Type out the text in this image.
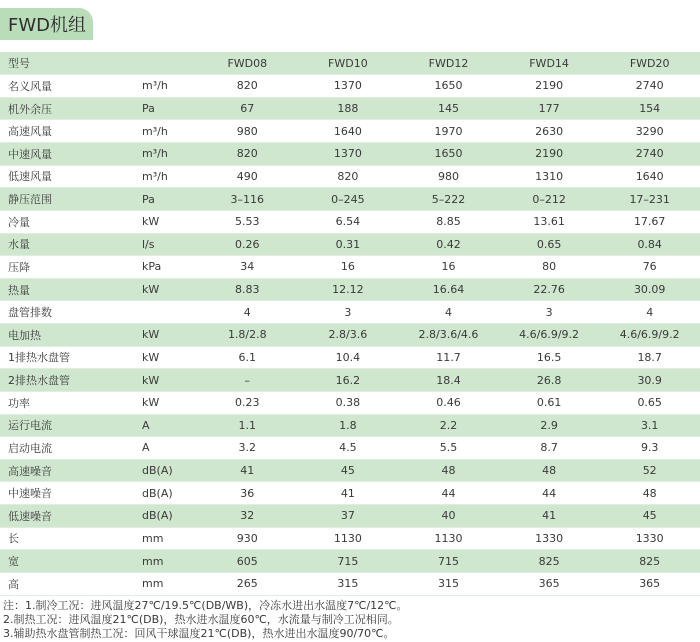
FWD机组
型号		FWD08	FWD10	FWD12	FWD14	FWD20
名义风量	m³/h	820	1370	1650	2190	2740
机外余压	Pa	67	188	145	177	154
高速风量	m³/h	980	1640	1970	2630	3290
中速风量	m³/h	820	1370	1650	2190	2740
低速风量	m³/h	490	820	980	1310	1640
静压范围	Pa	3–116	0–245	5–222	0–212	17–231
冷量	kW	5.53	6.54	8.85	13.61	17.67
水量	l/s	0.26	0.31	0.42	0.65	0.84
压降	kPa	34	16	16	80	76
热量	kW	8.83	12.12	16.64	22.76	30.09
盘管排数		4	3	4	3	4
电加热	kW	1.8/2.8	2.8/3.6	2.8/3.6/4.6	4.6/6.9/9.2	4.6/6.9/9.2
1排热水盘管	kW	6.1	10.4	11.7	16.5	18.7
2排热水盘管	kW	–	16.2	18.4	26.8	30.9
功率	kW	0.23	0.38	0.46	0.61	0.65
运行电流	A	1.1	1.8	2.2	2.9	3.1
启动电流	A	3.2	4.5	5.5	8.7	9.3
高速噪音	dB(A)	41	45	48	48	52
中速噪音	dB(A)	36	41	44	44	48
低速噪音	dB(A)	32	37	40	41	45
长	mm	930	1130	1130	1330	1330
宽	mm	605	715	715	825	825
高	mm	265	315	315	365	365
注：1.制冷工况：进风温度27℃/19.5℃(DB/WB)，冷冻水进出水温度7℃/12℃。
2.制热工况：进风温度21℃(DB)，热水进水温度60℃，水流量与制冷工况相同。
3.辅助热水盘管制热工况：回风干球温度21℃(DB)，热水进出水温度90/70℃。
